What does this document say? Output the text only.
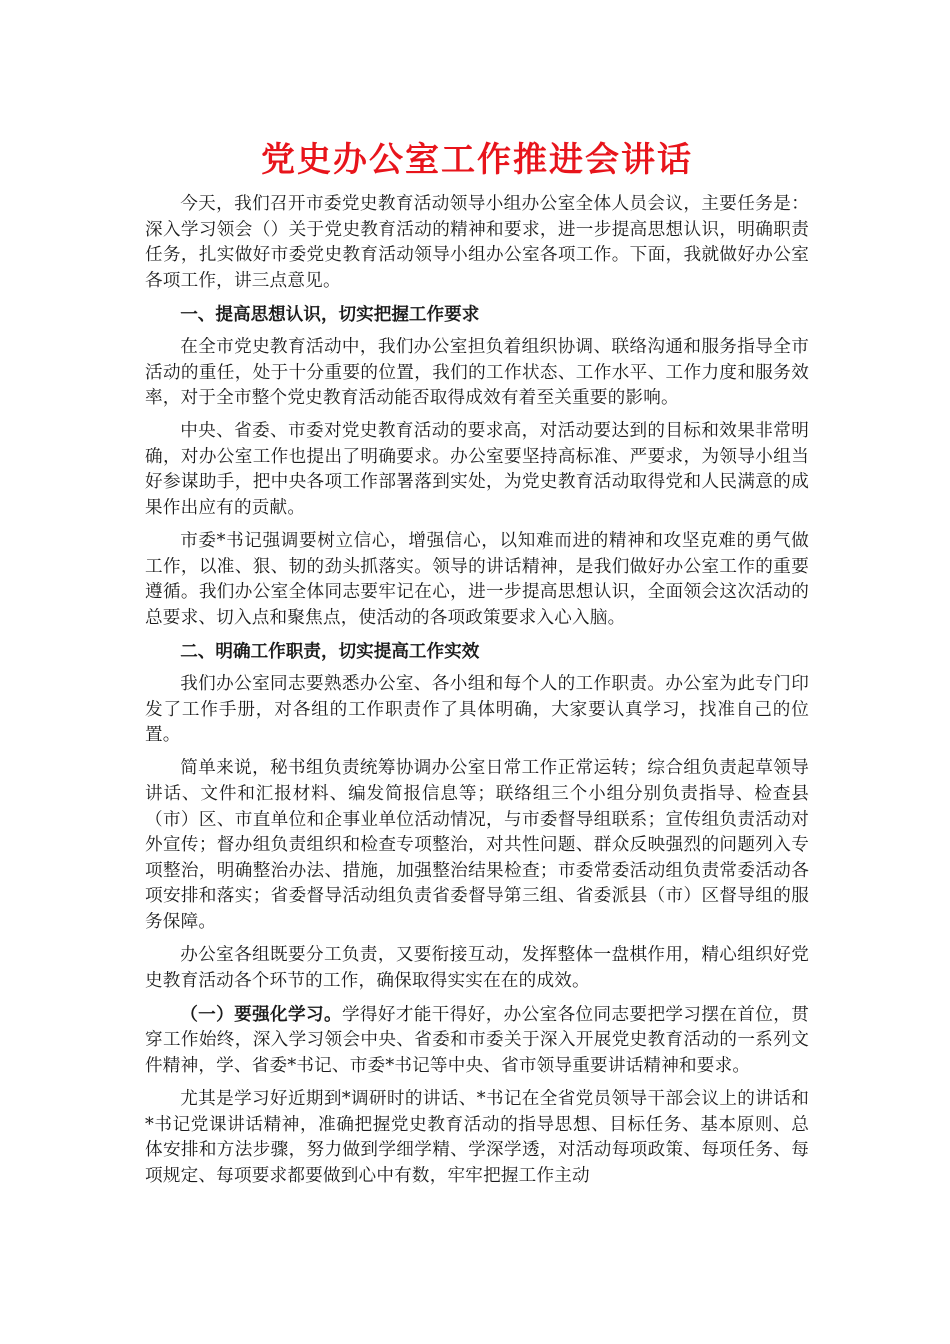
党史办公室工作推进会讲话

今天，我们召开市委党史教育活动领导小组办公室全体人员会议，主要任务是：深入学习领会（）关于党史教育活动的精神和要求，进一步提高思想认识，明确职责任务，扎实做好市委党史教育活动领导小组办公室各项工作。下面，我就做好办公室各项工作，讲三点意见。

一、提高思想认识，切实把握工作要求

在全市党史教育活动中，我们办公室担负着组织协调、联络沟通和服务指导全市活动的重任，处于十分重要的位置，我们的工作状态、工作水平、工作力度和服务效率，对于全市整个党史教育活动能否取得成效有着至关重要的影响。

中央、省委、市委对党史教育活动的要求高，对活动要达到的目标和效果非常明确，对办公室工作也提出了明确要求。办公室要坚持高标准、严要求，为领导小组当好参谋助手，把中央各项工作部署落到实处，为党史教育活动取得党和人民满意的成果作出应有的贡献。

市委*书记强调要树立信心，增强信心，以知难而进的精神和攻坚克难的勇气做工作，以准、狠、韧的劲头抓落实。领导的讲话精神，是我们做好办公室工作的重要遵循。我们办公室全体同志要牢记在心，进一步提高思想认识，全面领会这次活动的总要求、切入点和聚焦点，使活动的各项政策要求入心入脑。

二、明确工作职责，切实提高工作实效

我们办公室同志要熟悉办公室、各小组和每个人的工作职责。办公室为此专门印发了工作手册，对各组的工作职责作了具体明确，大家要认真学习，找准自己的位置。

简单来说，秘书组负责统筹协调办公室日常工作正常运转；综合组负责起草领导讲话、文件和汇报材料、编发简报信息等；联络组三个小组分别负责指导、检查县（市）区、市直单位和企事业单位活动情况，与市委督导组联系；宣传组负责活动对外宣传；督办组负责组织和检查专项整治，对共性问题、群众反映强烈的问题列入专项整治，明确整治办法、措施，加强整治结果检查；市委常委活动组负责常委活动各项安排和落实；省委督导活动组负责省委督导第三组、省委派县（市）区督导组的服务保障。

办公室各组既要分工负责，又要衔接互动，发挥整体一盘棋作用，精心组织好党史教育活动各个环节的工作，确保取得实实在在的成效。

（一）要强化学习。学得好才能干得好，办公室各位同志要把学习摆在首位，贯穿工作始终，深入学习领会中央、省委和市委关于深入开展党史教育活动的一系列文件精神，学、省委*书记、市委*书记等中央、省市领导重要讲话精神和要求。

尤其是学习好近期到*调研时的讲话、*书记在全省党员领导干部会议上的讲话和*书记党课讲话精神，准确把握党史教育活动的指导思想、目标任务、基本原则、总体安排和方法步骤，努力做到学细学精、学深学透，对活动每项政策、每项任务、每项规定、每项要求都要做到心中有数，牢牢把握工作主动
